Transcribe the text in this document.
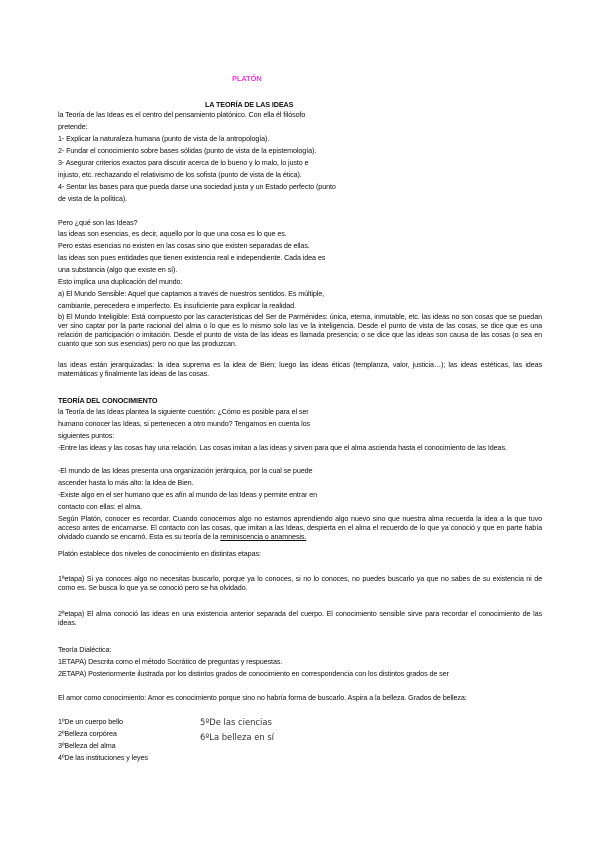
PLATÓN
LA TEORÍA DE LAS IDEAS
la Teoría de las Ideas es el centro del pensamiento platónico. Con ella él filósofo
pretende:
1- Explicar la naturaleza humana (punto de vista de la antropología).
2- Fundar el conocimiento sobre bases sólidas (punto de vista de la epistemología).
3- Asegurar criterios exactos para discutir acerca de lo bueno y lo malo, lo justo e
injusto, etc. rechazando el relativismo de los sofista (punto de vista de la ética).
4- Sentar las bases para que pueda darse una sociedad justa y un Estado perfecto (punto
de vista de la política).
Pero ¿qué son las Ideas?
las ideas son esencias, es decir, aquello por lo que una cosa es lo que es.
Pero estas esencias no existen en las cosas sino que existen separadas de ellas.
las ideas son pues entidades que tienen existencia real e independiente. Cada idea es
una substancia (algo que existe en sí).
Esto implica una duplicación del mundo:
a) El Mundo Sensible: Aquel que captamos a través de nuestros sentidos. Es múltiple,
cambiante, perecedero e imperfecto. Es insuficiente para explicar la realidad.
b) El Mundo Inteligible: Está compuesto por las características del Ser de Parménides: única, eterna, inmutable, etc. las ideas no son cosas que se puedan ver sino captar por la parte racional del alma o lo que es lo mismo solo las ve la inteligencia. Desde el punto de vista de las cosas, se dice que es una relación de participación o imitación. Desde el punto de vista de las ideas es llamada presencia; o se dice que las ideas son causa de las cosas (o sea en cuanto que son sus esencias) pero no que las produzcan.
las ideas están jerarquizadas: la idea suprema es la idea de Bien; luego las ideas éticas (templanza, valor, justicia…); las ideas estéticas, las ideas matemáticas y finalmente las ideas de las cosas.
TEORÍA DEL CONOCIMIENTO
la Teoría de las Ideas plantea la siguiente cuestión: ¿Cómo es posible para el ser
humano conocer las Ideas, si pertenecen a otro mundo? Tengamos en cuenta los
siguientes puntos:
-Entre las ideas y las cosas hay una relación. Las cosas imitan a las ideas y sirven para que el alma ascienda hasta el conocimiento de las Ideas.
-El mundo de las Ideas presenta una organización jerárquica, por la cual se puede
ascender hasta lo más alto: la Idea de Bien.
-Existe algo en el ser humano que es afín al mundo de las Ideas y permite entrar en
contacto con ellas: el alma.
Según Platón, conocer es recordar. Cuando conocemos algo no estamos aprendiendo algo nuevo sino que nuestra alma recuerda la idea a la que tuvo acceso antes de encarnarse. El contacto con las cosas, que imitan a las Ideas, despierta en el alma el recuerdo de lo que ya conoció y que en parte había olvidado cuando se encarnó. Esta es su teoría de la reminiscencia o anamnesis.
Platón establece dos niveles de conocimiento en distintas etapas:
1ªetapa) Si ya conoces algo no necesitas buscarlo, porque ya lo conoces, si no lo conoces, no puedes buscarlo ya que no sabes de su existencia ni de como es. Se busca lo que ya se conoció pero se ha olvidado.
2ªetapa) El alma conoció las ideas en una existencia anterior separada del cuerpo. El conocimiento sensible sirve para recordar el conocimiento de las ideas.
Teoría Dialéctica:
1ETAPA) Descrita como el método Socrático de preguntas y respuestas.
2ETAPA) Posteriormente ilustrada por los distintos grados de conocimiento en correspondencia con los distintos grados de ser
El amor como conocimiento: Amor es conocimiento porque sino no habría forma de buscarlo. Aspira a la belleza. Grados de belleza:
1ºDe un cuerpo bello
2ºBelleza corpórea
3ºBelleza del alma
4ºDe las instituciones y leyes
5ºDe las ciencias
6ºLa belleza en sí
